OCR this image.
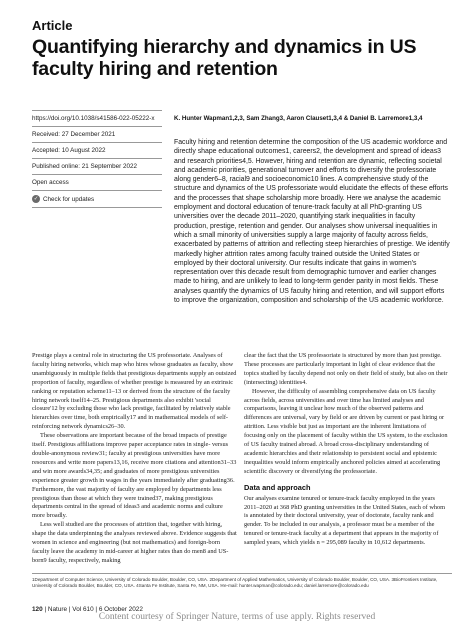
Article
Quantifying hierarchy and dynamics in US faculty hiring and retention
https://doi.org/10.1038/s41586-022-05222-x
Received: 27 December 2021
Accepted: 10 August 2022
Published online: 21 September 2022
Open access
✓ Check for updates
K. Hunter Wapman1,2,3, Sam Zhang3, Aaron Clauset1,3,4 & Daniel B. Larremore1,3,4

Faculty hiring and retention determine the composition of the US academic workforce and directly shape educational outcomes1, careers2, the development and spread of ideas3 and research priorities4,5. However, hiring and retention are dynamic, reflecting societal and academic priorities, generational turnover and efforts to diversify the professoriate along gender6–8, racial9 and socioeconomic10 lines. A comprehensive study of the structure and dynamics of the US professoriate would elucidate the effects of these efforts and the processes that shape scholarship more broadly. Here we analyse the academic employment and doctoral education of tenure-track faculty at all PhD-granting US universities over the decade 2011–2020, quantifying stark inequalities in faculty production, prestige, retention and gender. Our analyses show universal inequalities in which a small minority of universities supply a large majority of faculty across fields, exacerbated by patterns of attrition and reflecting steep hierarchies of prestige. We identify markedly higher attrition rates among faculty trained outside the United States or employed by their doctoral university. Our results indicate that gains in women's representation over this decade result from demographic turnover and earlier changes made to hiring, and are unlikely to lead to long-term gender parity in most fields. These analyses quantify the dynamics of US faculty hiring and retention, and will support efforts to improve the organization, composition and scholarship of the US academic workforce.

Prestige plays a central role in structuring the US professoriate. Analyses of faculty hiring networks, which map who hires whose graduates as faculty, show unambiguously in multiple fields that prestigious departments supply an outsized proportion of faculty, regardless of whether prestige is measured by an extrinsic ranking or reputation scheme11–13 or derived from the structure of the faculty hiring network itself14–25. Prestigious departments also exhibit 'social closure'12 by excluding those who lack prestige, facilitated by relatively stable hierarchies over time, both empirically17 and in mathematical models of self-reinforcing network dynamics26–30.

These observations are important because of the broad impacts of prestige itself. Prestigious affiliations improve paper acceptance rates in single- versus double-anonymous review31; faculty at prestigious universities have more resources and write more papers13,16, receive more citations and attention31–33 and win more awards34,35; and graduates of more prestigious universities experience greater growth in wages in the years immediately after graduating36. Furthermore, the vast majority of faculty are employed by departments less prestigious than those at which they were trained37, making prestigious departments central in the spread of ideas3 and academic norms and culture more broadly.

Less well studied are the processes of attrition that, together with hiring, shape the data underpinning the analyses reviewed above. Evidence suggests that women in science and engineering (but not mathematics) and foreign-born faculty leave the academy in mid-career at higher rates than do men8 and US-born9 faculty, respectively, making

clear the fact that the US professoriate is structured by more than just prestige. These processes are particularly important in light of clear evidence that the topics studied by faculty depend not only on their field of study, but also on their (intersecting) identities4.

However, the difficulty of assembling comprehensive data on US faculty across fields, across universities and over time has limited analyses and comparisons, leaving it unclear how much of the observed patterns and differences are universal, vary by field or are driven by current or past hiring or attrition. Less visible but just as important are the inherent limitations of focusing only on the placement of faculty within the US system, to the exclusion of US faculty trained abroad. A broad cross-disciplinary understanding of academic hierarchies and their relationship to persistent social and epistemic inequalities would inform empirically anchored policies aimed at accelerating scientific discovery or diversifying the professoriate.

Data and approach

Our analyses examine tenured or tenure-track faculty employed in the years 2011–2020 at 368 PhD granting universities in the United States, each of whom is annotated by their doctoral university, year of doctorate, faculty rank and gender. To be included in our analysis, a professor must be a member of the tenured or tenure-track faculty at a department that appears in the majority of sampled years, which yields n = 295,089 faculty in 10,612 departments.

1Department of Computer Science, University of Colorado Boulder, Boulder, CO, USA. 2Department of Applied Mathematics, University of Colorado Boulder, Boulder, CO, USA. 3BioFrontiers Institute, University of Colorado Boulder, Boulder, CO, USA. 4Santa Fe Institute, Santa Fe, NM, USA. ✉e-mail: hunter.wapman@colorado.edu; daniel.larremore@colorado.edu
120 | Nature | Vol 610 | 6 October 2022
Content courtesy of Springer Nature, terms of use apply. Rights reserved
